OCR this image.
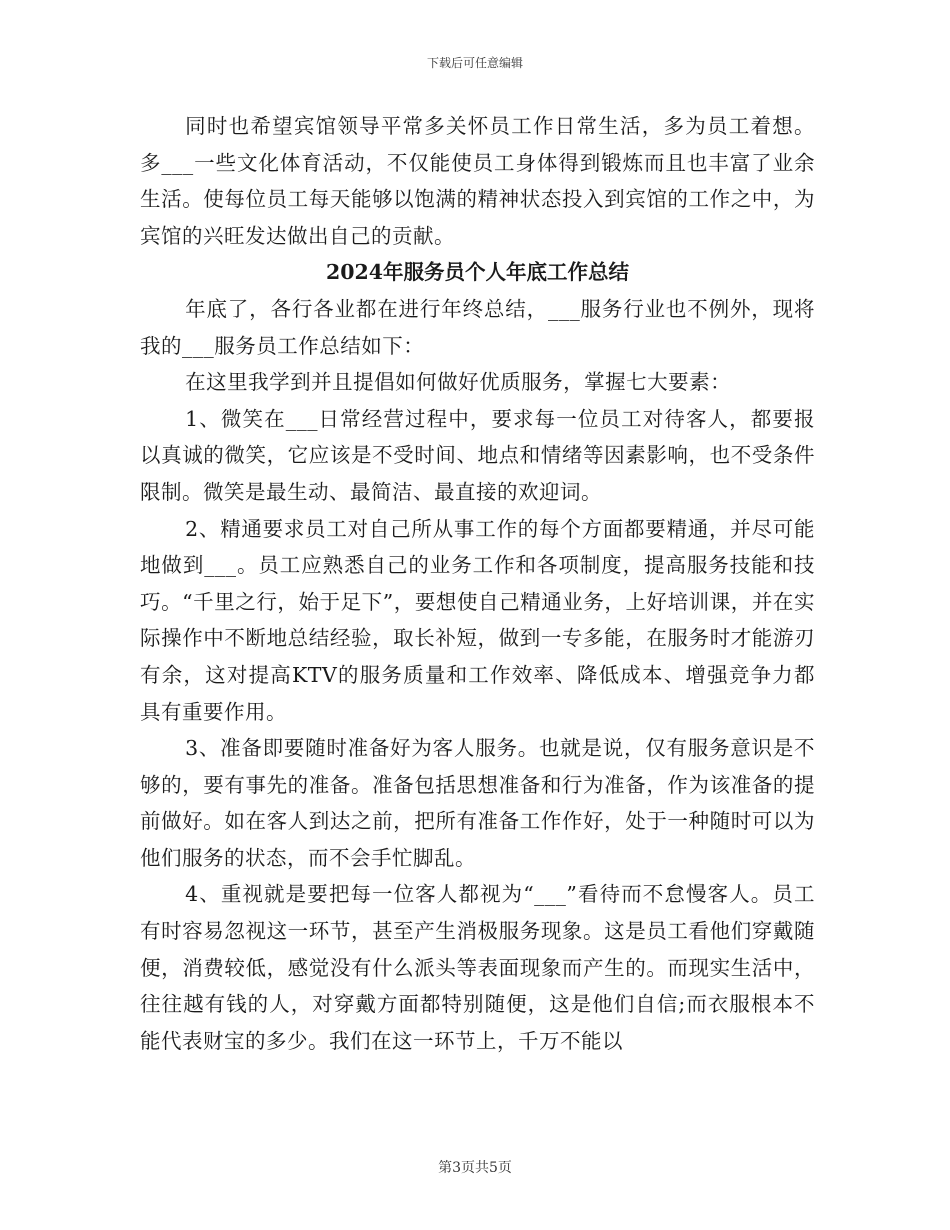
下载后可任意编辑

同时也希望宾馆领导平常多关怀员工作日常生活，多为员工着想。多___一些文化体育活动，不仅能使员工身体得到锻炼而且也丰富了业余生活。使每位员工每天能够以饱满的精神状态投入到宾馆的工作之中，为宾馆的兴旺发达做出自己的贡献。

2024年服务员个人年底工作总结

年底了，各行各业都在进行年终总结，___服务行业也不例外，现将我的___服务员工作总结如下：

在这里我学到并且提倡如何做好优质服务，掌握七大要素：

1、微笑在___日常经营过程中，要求每一位员工对待客人，都要报以真诚的微笑，它应该是不受时间、地点和情绪等因素影响，也不受条件限制。微笑是最生动、最简洁、最直接的欢迎词。

2、精通要求员工对自己所从事工作的每个方面都要精通，并尽可能地做到___。员工应熟悉自己的业务工作和各项制度，提高服务技能和技巧。“千里之行，始于足下”，要想使自己精通业务，上好培训课，并在实际操作中不断地总结经验，取长补短，做到一专多能，在服务时才能游刃有余，这对提高KTV的服务质量和工作效率、降低成本、增强竞争力都具有重要作用。

3、准备即要随时准备好为客人服务。也就是说，仅有服务意识是不够的，要有事先的准备。准备包括思想准备和行为准备，作为该准备的提前做好。如在客人到达之前，把所有准备工作作好，处于一种随时可以为他们服务的状态，而不会手忙脚乱。

4、重视就是要把每一位客人都视为“___”看待而不怠慢客人。员工有时容易忽视这一环节，甚至产生消极服务现象。这是员工看他们穿戴随便，消费较低，感觉没有什么派头等表面现象而产生的。而现实生活中，往往越有钱的人，对穿戴方面都特别随便，这是他们自信;而衣服根本不能代表财宝的多少。我们在这一环节上，千万不能以

第3页共5页
